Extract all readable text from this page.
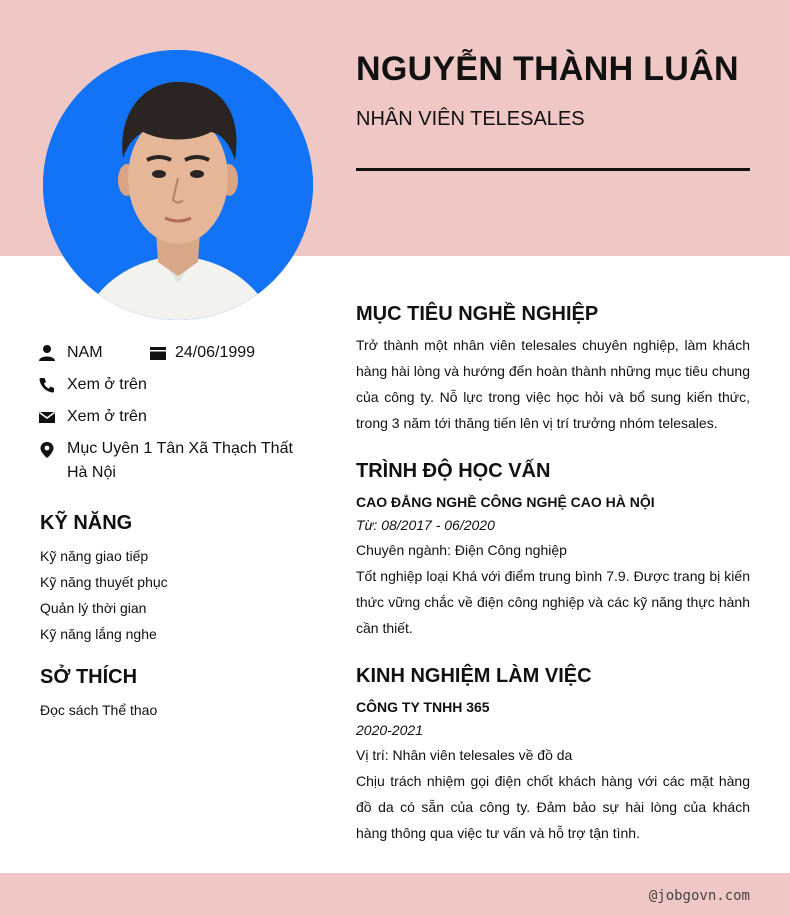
NGUYỄN THÀNH LUÂN
NHÂN VIÊN TELESALES
NAM	24/06/1999
Xem ở trên
Xem ở trên
Mục Uyên 1 Tân Xã Thạch Thất Hà Nội
KỸ NĂNG
Kỹ năng giao tiếp
Kỹ năng thuyết phục
Quản lý thời gian
Kỹ năng lắng nghe
SỞ THÍCH
Đọc sách Thể thao
MỤC TIÊU NGHỀ NGHIỆP
Trở thành một nhân viên telesales chuyên nghiệp, làm khách hàng hài lòng và hướng đến hoàn thành những mục tiêu chung của công ty. Nỗ lực trong việc học hỏi và bổ sung kiến thức, trong 3 năm tới thăng tiến lên vị trí trưởng nhóm telesales.
TRÌNH ĐỘ HỌC VẤN
CAO ĐẲNG NGHỀ CÔNG NGHỆ CAO HÀ NỘI
Từ: 08/2017 - 06/2020
Chuyên ngành: Điện Công nghiệp
Tốt nghiệp loại Khá với điểm trung bình 7.9. Được trang bị kiến thức vững chắc về điện công nghiệp và các kỹ năng thực hành cần thiết.
KINH NGHIỆM LÀM VIỆC
CÔNG TY TNHH 365
2020-2021
Vị trí: Nhân viên telesales về đồ da
Chịu trách nhiệm gọi điện chốt khách hàng với các mặt hàng đồ da có sẵn của công ty. Đảm bảo sự hài lòng của khách hàng thông qua việc tư vấn và hỗ trợ tận tình.
@jobgovn.com
